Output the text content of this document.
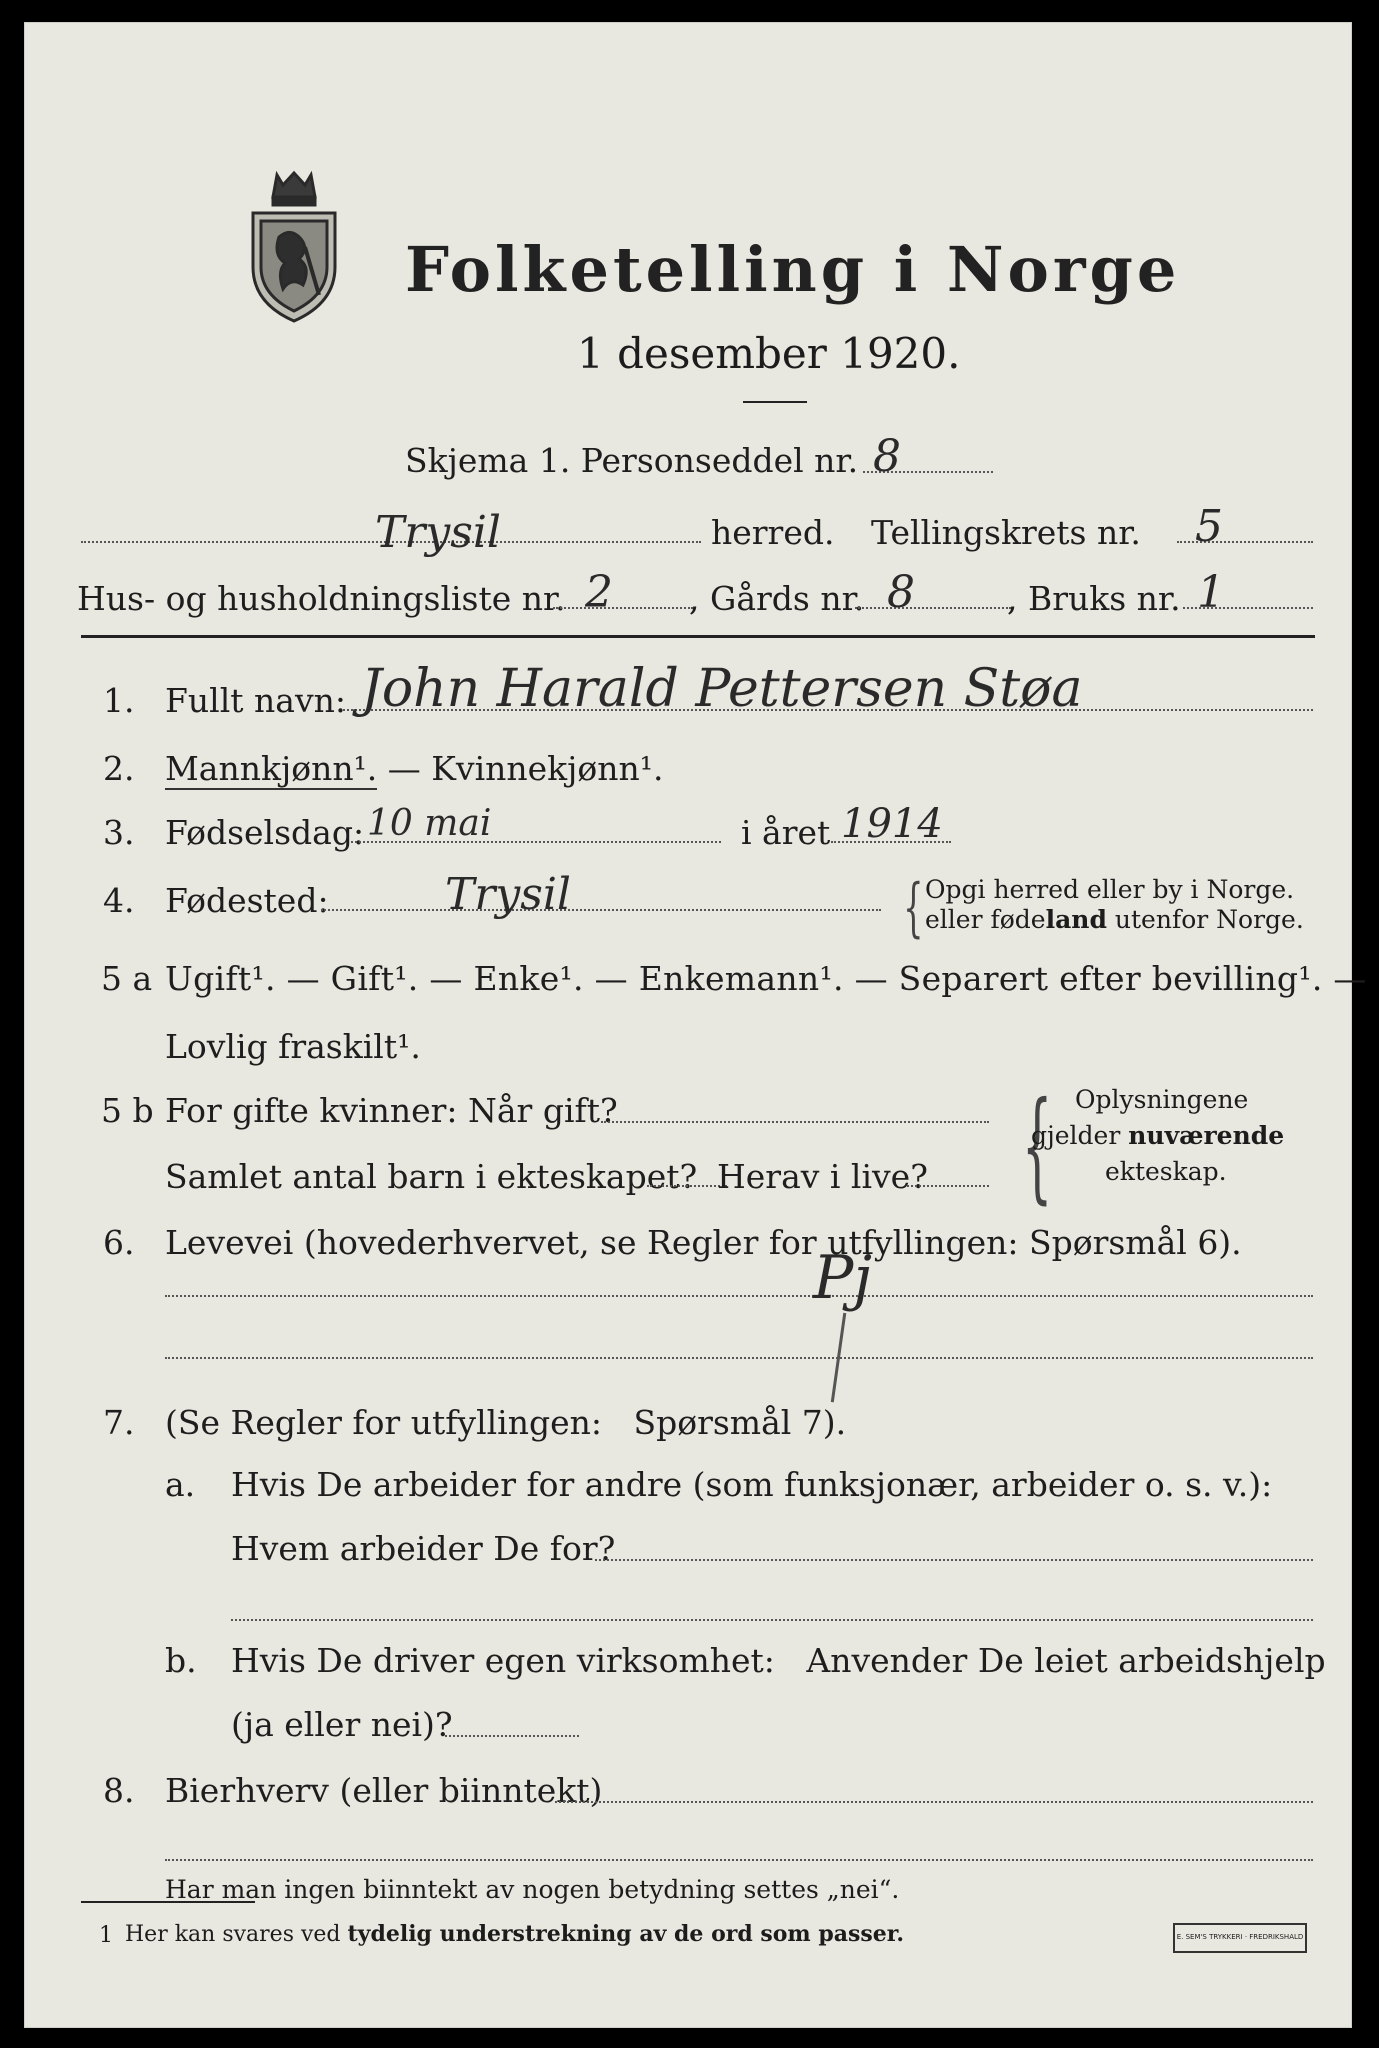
Folketelling i Norge
1 desember 1920.
Skjema 1. Personseddel nr. 8
Trysil	herred. Tellingskrets nr. 5
Hus- og husholdningsliste nr. 2 , Gårds nr. 8	, Bruks nr. 1
1. Fullt navn: John Harald Pettersen Støa
2. Mannkjønn¹. — Kvinnekjønn¹.
3. Fødselsdag: 10 mai	i året 1914
4. Fødested:	Trysil	{ Opgi herred eller by i Norge.
eller fødeland utenfor Norge.
5 a Ugift¹. — Gift¹. — Enke¹. — Enkemann¹. — Separert efter bevilling¹. —
Lovlig fraskilt¹.
5 b For gifte kvinner: Når gift?
Samlet antal barn i ekteskapet? Herav i live? { Oplysningene
gjelder nuværende
ekteskap.
6. Levevei (hovederhvervet, se Regler for utfyllingen: Spørsmål 6).
Pj
7. (Se Regler for utfyllingen:   Spørsmål 7).
a. Hvis De arbeider for andre (som funksjonær, arbeider o. s. v.):
Hvem arbeider De for?
b. Hvis De driver egen virksomhet:   Anvender De leiet arbeidshjelp
(ja eller nei)?
8. Bierhverv (eller biinntekt)
Har man ingen biinntekt av nogen betydning settes „nei“.
1 Her kan svares ved tydelig understrekning av de ord som passer.	E. SEM'S TRYKKERI · FREDRIKSHALD
